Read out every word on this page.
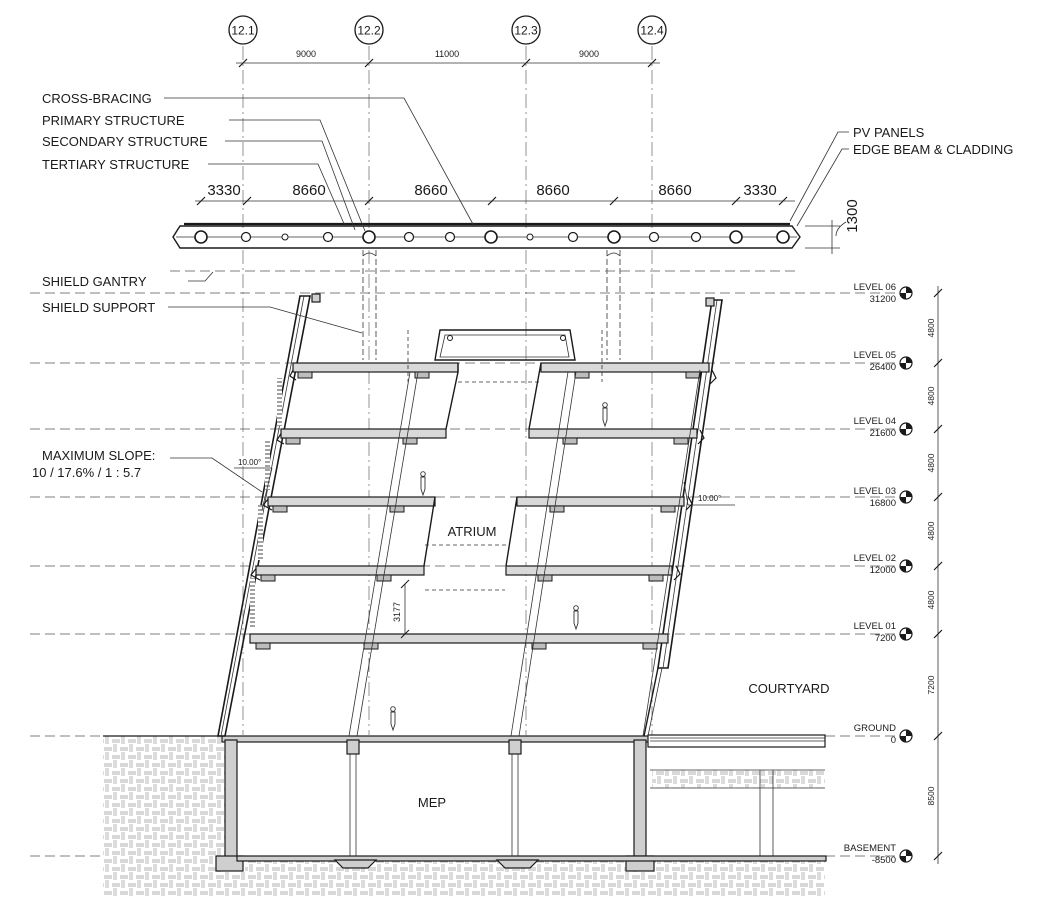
12.1	12.2	12.3	12.4
9000	11000	9000
3330	8660	8660	8660	8660	3330
1300
3177
10.00°
10.00°
CROSS-BRACING
PRIMARY STRUCTURE
SECONDARY STRUCTURE
TERTIARY STRUCTURE
SHIELD GANTRY
SHIELD SUPPORT
MAXIMUM SLOPE:
10 / 17.6% / 1 : 5.7
PV PANELS
EDGE BEAM & CLADDING
ATRIUM
MEP
COURTYARD
LEVEL 06
31200
LEVEL 05
26400
LEVEL 04
21600
LEVEL 03
16800
LEVEL 02
12000
LEVEL 01
7200
GROUND
0
BASEMENT
-8500
4800
4800
4800
4800
4800
7200
8500
